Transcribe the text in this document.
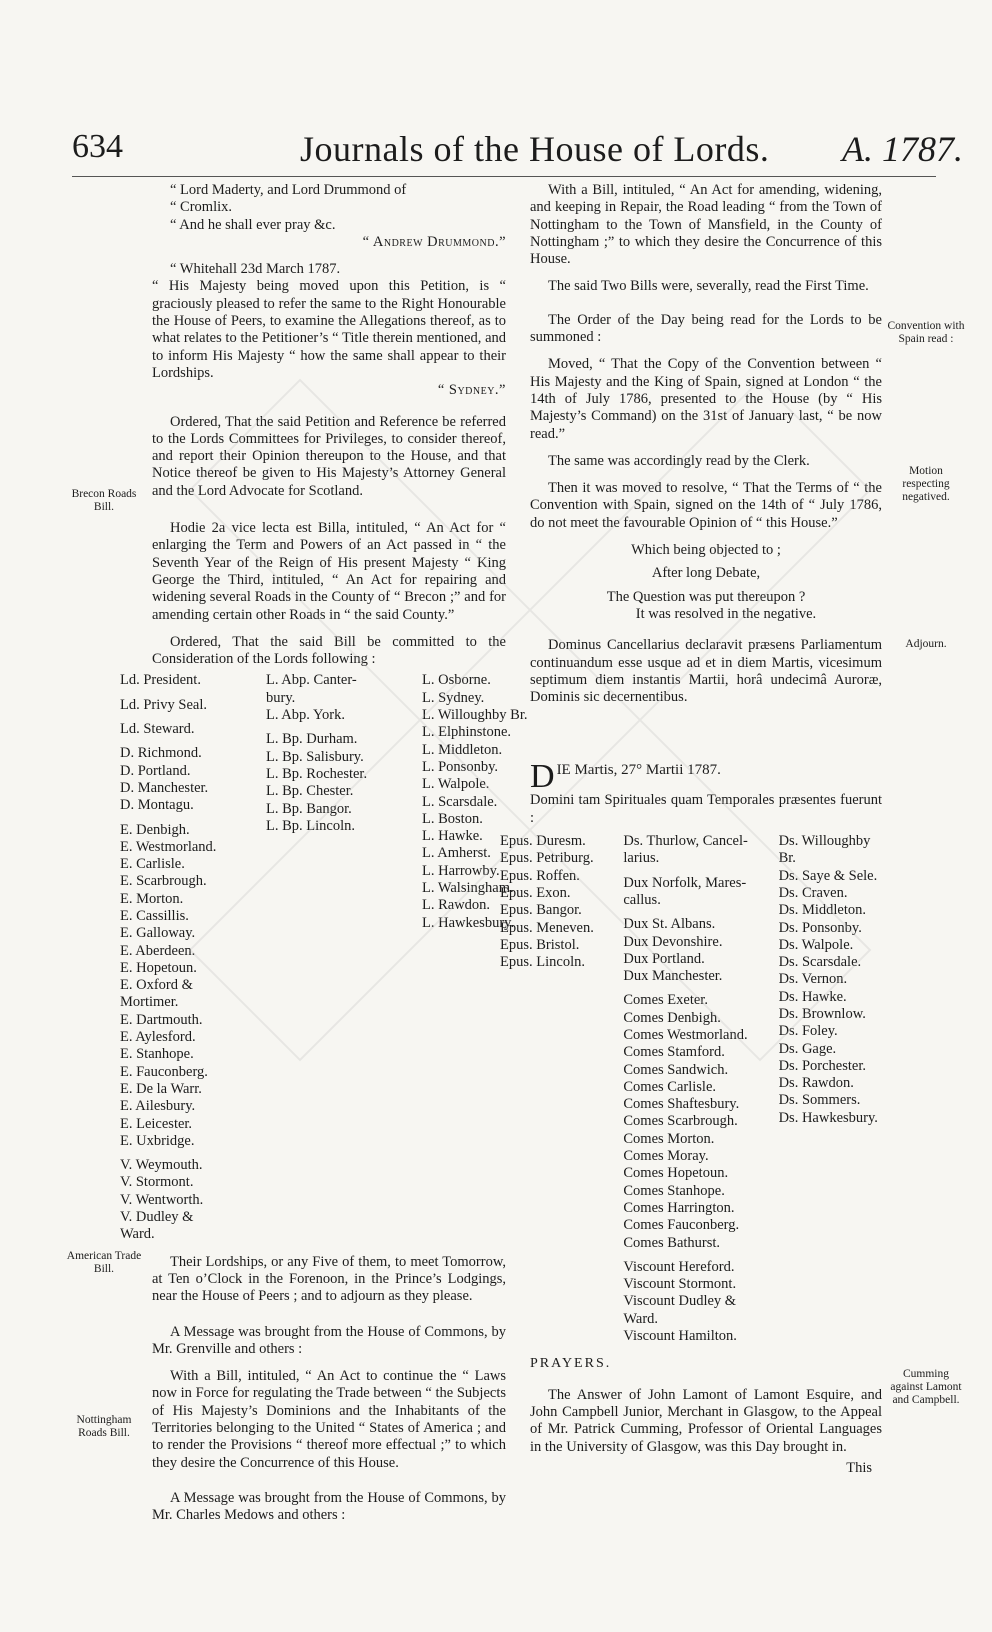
634	Journals of the House of Lords. A. 1787.
“ Lord Maderty, and Lord Drummond of
“ Cromlix.
“ And he shall ever pray &c.
“ Andrew Drummond.”
“ Whitehall 23d March 1787.

“ His Majesty being moved upon this Petition, is “ graciously pleased to refer the same to the Right Honourable the House of Peers, to examine the Allegations thereof, as to what relates to the Petitioner’s “ Title therein mentioned, and to inform His Majesty “ how the same shall appear to their Lordships.

“ Sydney.”

Ordered, That the said Petition and Reference be referred to the Lords Committees for Privileges, to consider thereof, and report their Opinion thereupon to the House, and that Notice thereof be given to His Majesty’s Attorney General and the Lord Advocate for Scotland.

Hodie 2a vice lecta est Billa, intituled, “ An Act for “ enlarging the Term and Powers of an Act passed in “ the Seventh Year of the Reign of His present Majesty “ King George the Third, intituled, “ An Act for repairing and widening several Roads in the County of “ Brecon ;” and for amending certain other Roads in “ the said County.”

Ordered, That the said Bill be committed to the Consideration of the Lords following :

Ld. President.
Ld. Privy Seal.
Ld. Steward.
D. Richmond.
D. Portland.
D. Manchester.
D. Montagu.
E. Denbigh.
E. Westmorland.
E. Carlisle.
E. Scarbrough.
E. Morton.
E. Cassillis.
E. Galloway.
E. Aberdeen.
E. Hopetoun.
E. Oxford &
Mortimer.
E. Dartmouth.
E. Aylesford.
E. Stanhope.
E. Fauconberg.
E. De la Warr.
E. Ailesbury.
E. Leicester.
E. Uxbridge.
V. Weymouth.
V. Stormont.
V. Wentworth.
V. Dudley &
Ward.
L. Abp. Canter-
bury.
L. Abp. York.
L. Bp. Durham.
L. Bp. Salisbury.
L. Bp. Rochester.
L. Bp. Chester.
L. Bp. Bangor.
L. Bp. Lincoln.
L. Osborne.
L. Sydney.
L. Willoughby Br.
L. Elphinstone.
L. Middleton.
L. Ponsonby.
L. Walpole.
L. Scarsdale.
L. Boston.
L. Hawke.
L. Amherst.
L. Harrowby.
L. Walsingham.
L. Rawdon.
L. Hawkesbury.

Their Lordships, or any Five of them, to meet Tomorrow, at Ten o’Clock in the Forenoon, in the Prince’s Lodgings, near the House of Peers ; and to adjourn as they please.

A Message was brought from the House of Commons, by Mr. Grenville and others :

With a Bill, intituled, “ An Act to continue the “ Laws now in Force for regulating the Trade between “ the Subjects of His Majesty’s Dominions and the Inhabitants of the Territories belonging to the United “ States of America ; and to render the Provisions “ thereof more effectual ;” to which they desire the Concurrence of this House.

A Message was brought from the House of Commons, by Mr. Charles Medows and others :

With a Bill, intituled, “ An Act for amending, widening, and keeping in Repair, the Road leading “ from the Town of Nottingham to the Town of Mansfield, in the County of Nottingham ;” to which they desire the Concurrence of this House.

The said Two Bills were, severally, read the First Time.

The Order of the Day being read for the Lords to be summoned :

Moved, “ That the Copy of the Convention between “ His Majesty and the King of Spain, signed at London “ the 14th of July 1786, presented to the House (by “ His Majesty’s Command) on the 31st of January last, “ be now read.”

The same was accordingly read by the Clerk.

Then it was moved to resolve, “ That the Terms of “ the Convention with Spain, signed on the 14th of “ July 1786, do not meet the favourable Opinion of “ this House.”

Which being objected to ;
After long Debate,
The Question was put thereupon ?
It was resolved in the negative.

Dominus Cancellarius declaravit præsens Parliamentum continuandum esse usque ad et in diem Martis, vicesimum septimum diem instantis Martii, horâ undecimâ Auroræ, Dominis sic decernentibus.

D IE Martis, 27° Martii 1787.

Domini tam Spirituales quam Temporales præsentes fuerunt :

Epus. Duresm.
Epus. Petriburg.
Epus. Roffen.
Epus. Exon.
Epus. Bangor.
Epus. Meneven.
Epus. Bristol.
Epus. Lincoln.
Ds. Thurlow, Cancel-
larius.
Dux Norfolk, Mares-
callus.
Dux St. Albans.
Dux Devonshire.
Dux Portland.
Dux Manchester.
Comes Exeter.
Comes Denbigh.
Comes Westmorland.
Comes Stamford.
Comes Sandwich.
Comes Carlisle.
Comes Shaftesbury.
Comes Scarbrough.
Comes Morton.
Comes Moray.
Comes Hopetoun.
Comes Stanhope.
Comes Harrington.
Comes Fauconberg.
Comes Bathurst.
Viscount Hereford.
Viscount Stormont.
Viscount Dudley &
Ward.
Viscount Hamilton.
Ds. Willoughby Br.
Ds. Saye & Sele.
Ds. Craven.
Ds. Middleton.
Ds. Ponsonby.
Ds. Walpole.
Ds. Scarsdale.
Ds. Vernon.
Ds. Hawke.
Ds. Brownlow.
Ds. Foley.
Ds. Gage.
Ds. Porchester.
Ds. Rawdon.
Ds. Sommers.
Ds. Hawkesbury.
PRAYERS.

The Answer of John Lamont of Lamont Esquire, and John Campbell Junior, Merchant in Glasgow, to the Appeal of Mr. Patrick Cumming, Professor of Oriental Languages in the University of Glasgow, was this Day brought in.

This
Brecon Roads Bill.
American Trade Bill.
Nottingham Roads Bill.
Convention with Spain read :
Motion respecting negatived.
Adjourn.
Cumming against Lamont and Campbell.
